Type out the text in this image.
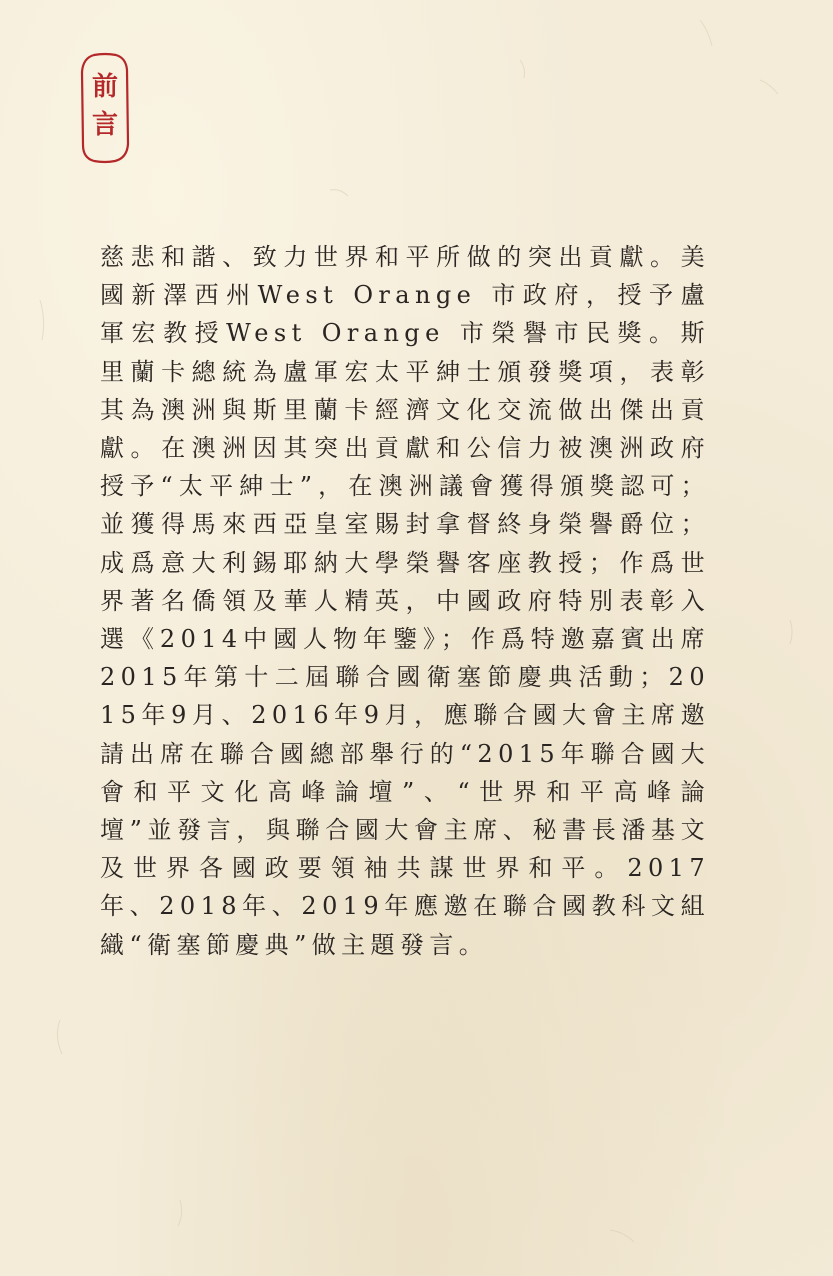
前
言

慈悲和諧、致力世界和平所做的突出貢獻。美國新澤西州West Orange 市政府，授予盧軍宏教授West Orange 市榮譽市民獎。斯里蘭卡總統為盧軍宏太平紳士頒發獎項，表彰其為澳洲與斯里蘭卡經濟文化交流做出傑出貢獻。在澳洲因其突出貢獻和公信力被澳洲政府授予“太平紳士”，在澳洲議會獲得頒獎認可；並獲得馬來西亞皇室賜封拿督終身榮譽爵位；成爲意大利錫耶納大學榮譽客座教授；作爲世界著名僑領及華人精英，中國政府特別表彰入選《2014中國人物年鑒》；作爲特邀嘉賓出席2015年第十二屆聯合國衛塞節慶典活動；2015年9月、2016年9月，應聯合國大會主席邀請出席在聯合國總部舉行的“2015年聯合國大會和平文化高峰論壇”、“世界和平高峰論壇”並發言，與聯合國大會主席、秘書長潘基文及世界各國政要領袖共謀世界和平。2017年、2018年、2019年應邀在聯合國教科文組織“衛塞節慶典”做主題發言。
